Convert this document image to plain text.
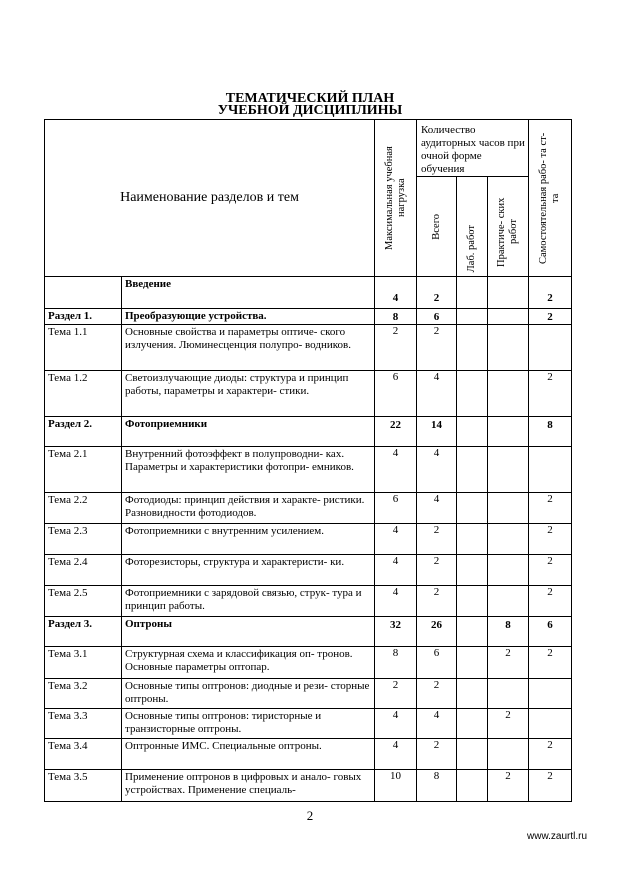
ТЕМАТИЧЕСКИЙ ПЛАН
УЧЕБНОЙ ДИСЦИПЛИНЫ
Наименование разделов и тем		Максимальная учебная нагрузка	Количество аудиторных часов при очной форме обучения			Самостоятельная рабо- та ст-та

			Всего	Лаб. работ	Практиче- ских работ	

	Введение	4	2			2
Раздел 1.	Преобразующие устройства.	8	6			2
Тема 1.1	Основные свойства и параметры оптиче- ского излучения. Люминесценция полупро- водников.	2	2			
Тема 1.2	Светоизлучающие диоды: структура и принцип работы, параметры и характери- стики.	6	4			2
Раздел 2.	Фотоприемники	22	14			8
Тема 2.1	Внутренний фотоэффект в полупроводни- ках. Параметры и характеристики фотопри- емников.	4	4			
Тема 2.2	Фотодиоды: принцип действия и характе- ристики. Разновидности фотодиодов.	6	4			2
Тема 2.3	Фотоприемники с внутренним усилением.	4	2			2
Тема 2.4	Фоторезисторы, структура и характеристи- ки.	4	2			2
Тема 2.5	Фотоприемники с зарядовой связью, струк- тура и принцип работы.	4	2			2
Раздел 3.	Оптроны	32	26		8	6
Тема 3.1	Структурная схема и классификация оп- тронов. Основные параметры оптопар.	8	6		2	2
Тема 3.2	Основные типы оптронов: диодные и рези- сторные оптроны.	2	2			
Тема 3.3	Основные типы оптронов: тиристорные и транзисторные оптроны.	4	4		2	
Тема 3.4	Оптронные ИМС. Специальные оптроны.	4	2			2
Тема 3.5	Применение оптронов в цифровых и анало- говых устройствах. Применение специаль-	10	8		2	2
2
www.zaurtl.ru
